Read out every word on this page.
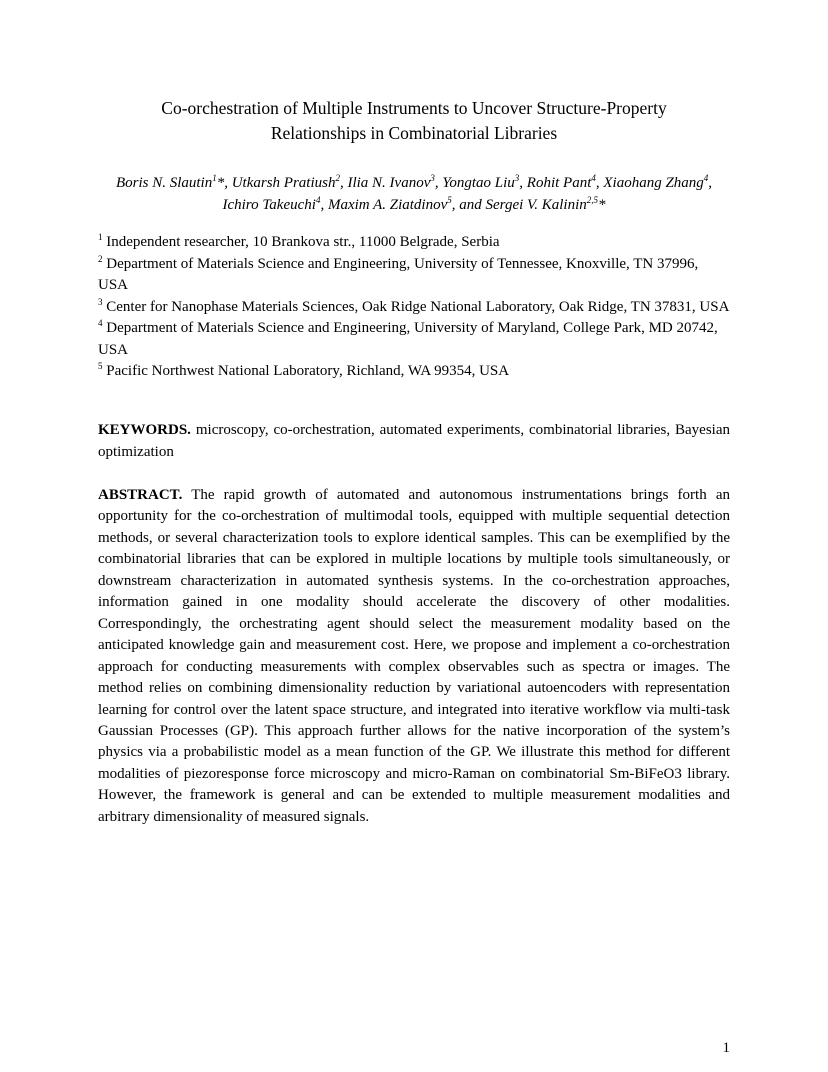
Co-orchestration of Multiple Instruments to Uncover Structure-Property
Relationships in Combinatorial Libraries
Boris N. Slautin$^1$*, Utkarsh Pratiush$^2$, Ilia N. Ivanov$^3$, Yongtao Liu$^3$, Rohit Pant$^4$, Xiaohang Zhang$^4$, Ichiro Takeuchi$^4$, Maxim A. Ziatdinov$^5$, and Sergei V. Kalinin$^{2,5}$*

$^1$ Independent researcher, 10 Brankova str., 11000 Belgrade, Serbia

$^2$ Department of Materials Science and Engineering, University of Tennessee, Knoxville, TN 37996, USA

$^3$ Center for Nanophase Materials Sciences, Oak Ridge National Laboratory, Oak Ridge, TN 37831, USA

$^4$ Department of Materials Science and Engineering, University of Maryland, College Park, MD 20742, USA

$^5$ Pacific Northwest National Laboratory, Richland, WA 99354, USA

KEYWORDS. microscopy, co-orchestration, automated experiments, combinatorial libraries, Bayesian optimization

ABSTRACT. The rapid growth of automated and autonomous instrumentations brings forth an opportunity for the co-orchestration of multimodal tools, equipped with multiple sequential detection methods, or several characterization tools to explore identical samples. This can be exemplified by the combinatorial libraries that can be explored in multiple locations by multiple tools simultaneously, or downstream characterization in automated synthesis systems. In the co-orchestration approaches, information gained in one modality should accelerate the discovery of other modalities. Correspondingly, the orchestrating agent should select the measurement modality based on the anticipated knowledge gain and measurement cost. Here, we propose and implement a co-orchestration approach for conducting measurements with complex observables such as spectra or images. The method relies on combining dimensionality reduction by variational autoencoders with representation learning for control over the latent space structure, and integrated into iterative workflow via multi-task Gaussian Processes (GP). This approach further allows for the native incorporation of the system’s physics via a probabilistic model as a mean function of the GP. We illustrate this method for different modalities of piezoresponse force microscopy and micro-Raman on combinatorial Sm-BiFeO3 library. However, the framework is general and can be extended to multiple measurement modalities and arbitrary dimensionality of measured signals.

1
